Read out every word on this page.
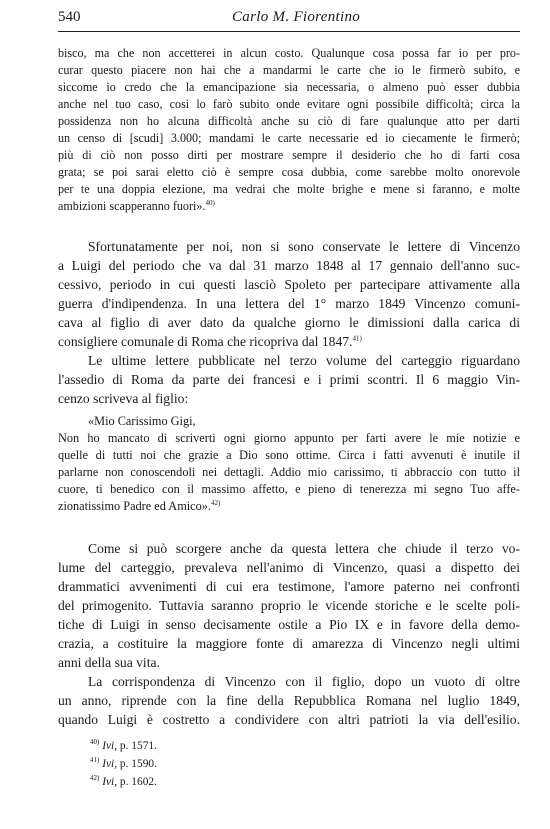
540	Carlo M. Fiorentino
bisco, ma che non accetterei in alcun costo. Qualunque cosa possa far io per pro-
curar questo piacere non hai che a mandarmi le carte che io le firmerò subito, e
siccome io credo che la emancipazione sia necessaria, o almeno può esser dubbia
anche nel tuo caso, cosi lo farò subito onde evitare ogni possibile difficoltà; circa la
possidenza non ho alcuna difficoltà anche su ciò di fare qualunque atto per darti
un censo di [scudi] 3.000; mandami le carte necessarie ed io ciecamente le firmerò;
più di ciò non posso dirti per mostrare sempre il desiderio che ho di farti cosa
grata; se poi sarai eletto ciò è sempre cosa dubbia, come sarebbe molto onorevole
per te una doppia elezione, ma vedrai che molte brighe e mene si faranno, e molte
ambizioni scapperanno fuori».$^{40)}$
Sfortunatamente per noi, non si sono conservate le lettere di Vincenzo
a Luigi del periodo che va dal 31 marzo 1848 al 17 gennaio dell'anno suc-
cessivo, periodo in cui questi lasciò Spoleto per partecipare attivamente alla
guerra d'indipendenza. In una lettera del 1° marzo 1849 Vincenzo comuni-
cava al figlio di aver dato da qualche giorno le dimissioni dalla carica di
consigliere comunale di Roma che ricopriva dal 1847.$^{41)}$
Le ultime lettere pubblicate nel terzo volume del carteggio riguardano
l'assedio di Roma da parte dei francesi e i primi scontri. Il 6 maggio Vin-
cenzo scriveva al figlio:
«Mio Carissimo Gigi,
Non ho mancato di scriverti ogni giorno appunto per farti avere le mie notizie e
quelle di tutti noi che grazie a Dio sono ottime. Circa i fatti avvenuti è inutile il
parlarne non conoscendoli nei dettagli. Addio mio carissimo, ti abbraccio con tutto il
cuore, ti benedico con il massimo affetto, e pieno di tenerezza mi segno Tuo affe-
zionatissimo Padre ed Amico».$^{42)}$
Come si può scorgere anche da questa lettera che chiude il terzo vo-
lume del carteggio, prevaleva nell'animo di Vincenzo, quasi a dispetto dei
drammatici avvenimenti di cui era testimone, l'amore paterno nei confronti
del primogenito. Tuttavia saranno proprio le vicende storiche e le scelte poli-
tiche di Luigi in senso decisamente ostile a Pio IX e in favore della demo-
crazia, a costituire la maggiore fonte di amarezza di Vincenzo negli ultimi
anni della sua vita.
La corrispondenza di Vincenzo con il figlio, dopo un vuoto di oltre
un anno, riprende con la fine della Repubblica Romana nel luglio 1849,
quando Luigi è costretto a condividere con altri patrioti la via dell'esilio.
$^{40)}$ Ivi, p. 1571.
$^{41)}$ Ivi, p. 1590.
$^{42)}$ Ivi, p. 1602.
